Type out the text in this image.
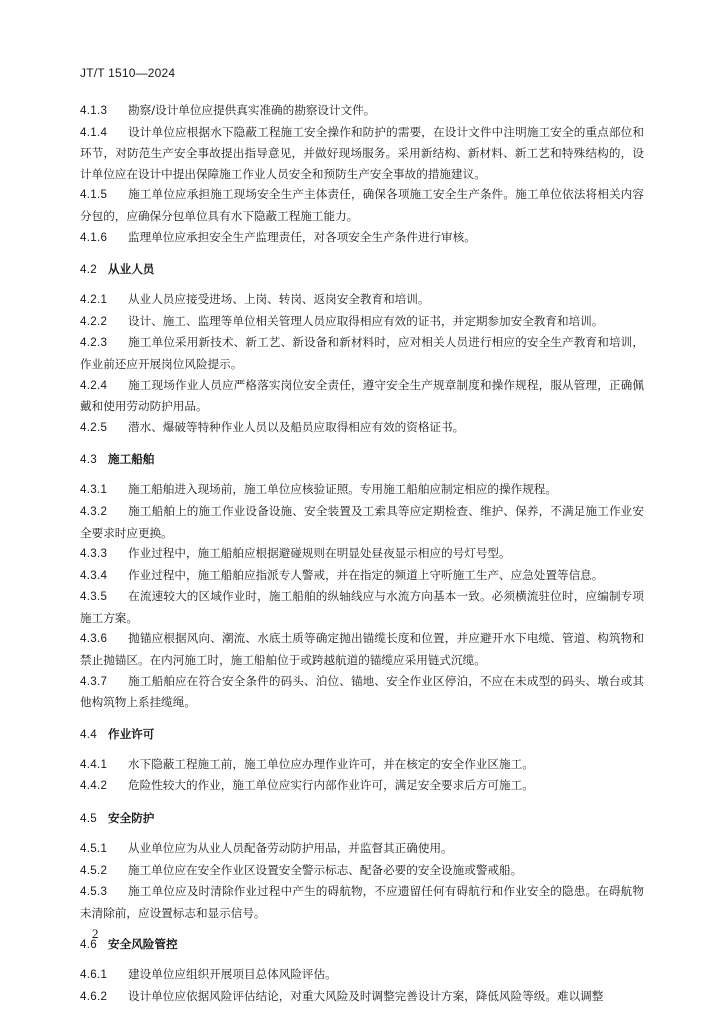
JT/T 1510—2024

4.1.3 勘察/设计单位应提供真实准确的勘察设计文件。

4.1.4 设计单位应根据水下隐蔽工程施工安全操作和防护的需要，在设计文件中注明施工安全的重点部位和环节，对防范生产安全事故提出指导意见，并做好现场服务。采用新结构、新材料、新工艺和特殊结构的，设计单位应在设计中提出保障施工作业人员安全和预防生产安全事故的措施建议。

4.1.5 施工单位应承担施工现场安全生产主体责任，确保各项施工安全生产条件。施工单位依法将相关内容分包的，应确保分包单位具有水下隐蔽工程施工能力。

4.1.6 监理单位应承担安全生产监理责任，对各项安全生产条件进行审核。

4.2 从业人员

4.2.1 从业人员应接受进场、上岗、转岗、返岗安全教育和培训。

4.2.2 设计、施工、监理等单位相关管理人员应取得相应有效的证书，并定期参加安全教育和培训。

4.2.3 施工单位采用新技术、新工艺、新设备和新材料时，应对相关人员进行相应的安全生产教育和培训，作业前还应开展岗位风险提示。

4.2.4 施工现场作业人员应严格落实岗位安全责任，遵守安全生产规章制度和操作规程，服从管理，正确佩戴和使用劳动防护用品。

4.2.5 潜水、爆破等特种作业人员以及船员应取得相应有效的资格证书。

4.3 施工船舶

4.3.1 施工船舶进入现场前，施工单位应核验证照。专用施工船舶应制定相应的操作规程。

4.3.2 施工船舶上的施工作业设备设施、安全装置及工索具等应定期检查、维护、保养，不满足施工作业安全要求时应更换。

4.3.3 作业过程中，施工船舶应根据避碰规则在明显处昼夜显示相应的号灯号型。

4.3.4 作业过程中，施工船舶应指派专人警戒，并在指定的频道上守听施工生产、应急处置等信息。

4.3.5 在流速较大的区域作业时，施工船舶的纵轴线应与水流方向基本一致。必须横流驻位时，应编制专项施工方案。

4.3.6 抛锚应根据风向、潮流、水底土质等确定抛出锚缆长度和位置，并应避开水下电缆、管道、构筑物和禁止抛锚区。在内河施工时，施工船舶位于或跨越航道的锚缆应采用链式沉缆。

4.3.7 施工船舶应在符合安全条件的码头、泊位、锚地、安全作业区停泊，不应在未成型的码头、墩台或其他构筑物上系挂缆绳。

4.4 作业许可

4.4.1 水下隐蔽工程施工前，施工单位应办理作业许可，并在核定的安全作业区施工。

4.4.2 危险性较大的作业，施工单位应实行内部作业许可，满足安全要求后方可施工。

4.5 安全防护

4.5.1 从业单位应为从业人员配备劳动防护用品，并监督其正确使用。

4.5.2 施工单位应在安全作业区设置安全警示标志、配备必要的安全设施或警戒船。

4.5.3 施工单位应及时清除作业过程中产生的碍航物，不应遗留任何有碍航行和作业安全的隐患。在碍航物未清除前，应设置标志和显示信号。

4.6 安全风险管控

4.6.1 建设单位应组织开展项目总体风险评估。

4.6.2 设计单位应依据风险评估结论，对重大风险及时调整完善设计方案，降低风险等级。难以调整

2
